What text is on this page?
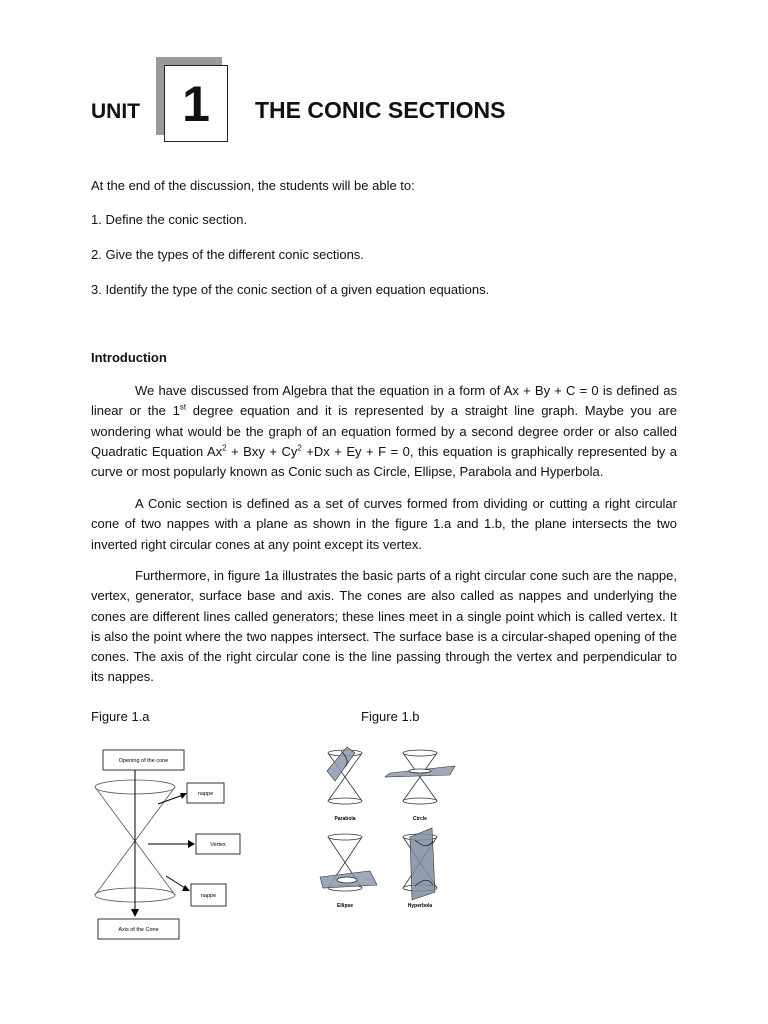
UNIT 1	THE CONIC SECTIONS
At the end of the discussion, the students will be able to:
1. Define the conic section.
2. Give the types of the different conic sections.
3. Identify the type of the conic section of a given equation equations.
Introduction
We have discussed from Algebra that the equation in a form of Ax + By + C = 0 is defined as linear or the 1st degree equation and it is represented by a straight line graph. Maybe you are wondering what would be the graph of an equation formed by a second degree order or also called Quadratic Equation $Ax^2$ + Bxy + $Cy^2 +Dx + Ey + F = 0$, this equation is graphically represented by a curve or most popularly known as Conic such as Circle, Ellipse, Parabola and Hyperbola.
A Conic section is defined as a set of curves formed from dividing or cutting a right circular cone of two nappes with a plane as shown in the figure 1.a and 1.b, the plane intersects the two inverted right circular cones at any point except its vertex.
Furthermore, in figure 1a illustrates the basic parts of a right circular cone such are the nappe, vertex, generator, surface base and axis. The cones are also called as nappes and underlying the cones are different lines called generators; these lines meet in a single point which is called vertex. It is also the point where the two nappes intersect. The surface base is a circular-shaped opening of the cones. The axis of the right circular cone is the line passing through the vertex and perpendicular to its nappes.
Figure 1.a	Figure 1.b
Opening of the cone
nappe
Vertex
nappe
Axis of the Cone
Parabola	Circle
Ellipse	Hyperbola
